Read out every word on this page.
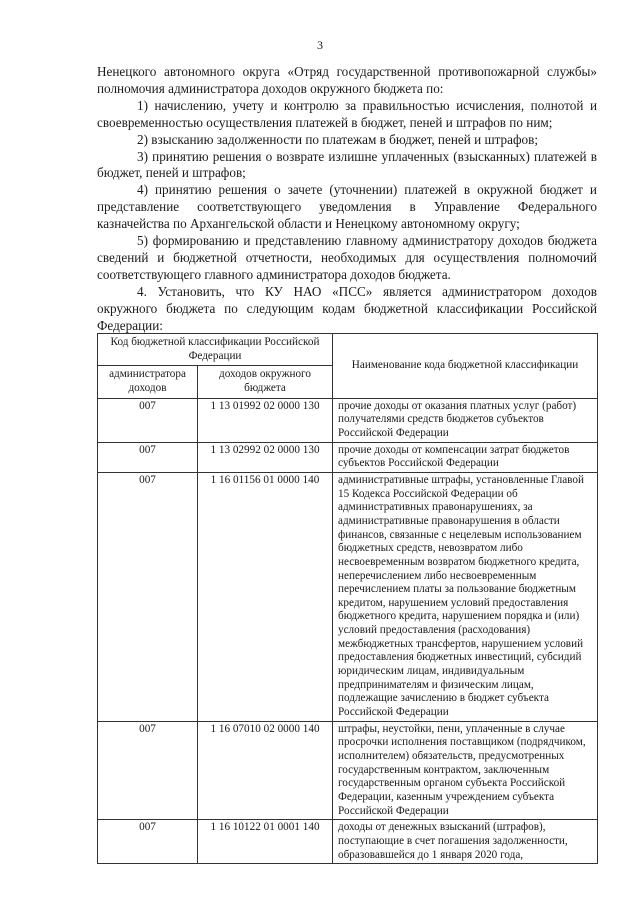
3

Ненецкого автономного округа «Отряд государственной противопожарной службы» полномочия администратора доходов окружного бюджета по:

1) начислению, учету и контролю за правильностью исчисления, полнотой и своевременностью осуществления платежей в бюджет, пеней и штрафов по ним;

2) взысканию задолженности по платежам в бюджет, пеней и штрафов;

3) принятию решения о возврате излишне уплаченных (взысканных) платежей в бюджет, пеней и штрафов;

4) принятию решения о зачете (уточнении) платежей в окружной бюджет и представление соответствующего уведомления в Управление Федерального казначейства по Архангельской области и Ненецкому автономному округу;

5) формированию и представлению главному администратору доходов бюджета сведений и бюджетной отчетности, необходимых для осуществления полномочий соответствующего главного администратора доходов бюджета.

4. Установить, что КУ НАО «ПСС» является администратором доходов окружного бюджета по следующим кодам бюджетной классификации Российской Федерации:

Код бюджетной классификации Российской Федерации		Наименование кода бюджетной классификации
администратора доходов	доходов окружного бюджета	
007	1 13 01992 02 0000 130	прочие доходы от оказания платных услуг (работ) получателями средств бюджетов субъектов Российской Федерации
007	1 13 02992 02 0000 130	прочие доходы от компенсации затрат бюджетов субъектов Российской Федерации
007	1 16 01156 01 0000 140	административные штрафы, установленные Главой 15 Кодекса Российской Федерации об административных правонарушениях, за административные правонарушения в области финансов, связанные с нецелевым использованием бюджетных средств, невозвратом либо несвоевременным возвратом бюджетного кредита, неперечислением либо несвоевременным перечислением платы за пользование бюджетным кредитом, нарушением условий предоставления бюджетного кредита, нарушением порядка и (или) условий предоставления (расходования) межбюджетных трансфертов, нарушением условий предоставления бюджетных инвестиций, субсидий юридическим лицам, индивидуальным предпринимателям и физическим лицам, подлежащие зачислению в бюджет субъекта Российской Федерации
007	1 16 07010 02 0000 140	штрафы, неустойки, пени, уплаченные в случае просрочки исполнения поставщиком (подрядчиком, исполнителем) обязательств, предусмотренных государственным контрактом, заключенным государственным органом субъекта Российской Федерации, казенным учреждением субъекта Российской Федерации
007	1 16 10122 01 0001 140	доходы от денежных взысканий (штрафов), поступающие в счет погашения задолженности, образовавшейся до 1 января 2020 года,
